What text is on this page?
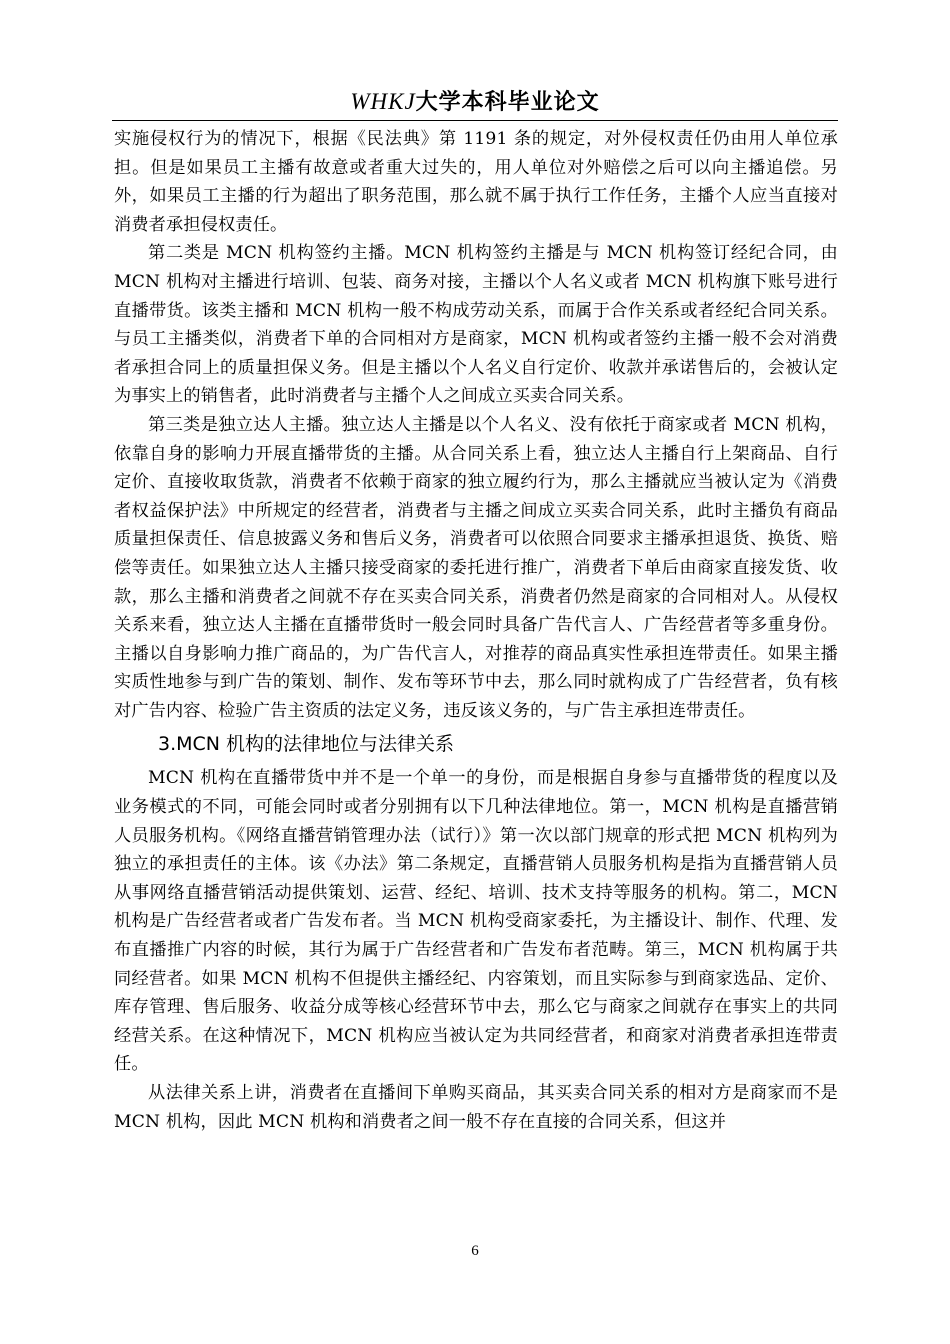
WHKJ大学本科毕业论文

实施侵权行为的情况下，根据《民法典》第 1191 条的规定，对外侵权责任仍由用人单位承担。但是如果员工主播有故意或者重大过失的，用人单位对外赔偿之后可以向主播追偿。另外，如果员工主播的行为超出了职务范围，那么就不属于执行工作任务，主播个人应当直接对消费者承担侵权责任。

第二类是 MCN 机构签约主播。MCN 机构签约主播是与 MCN 机构签订经纪合同，由 MCN 机构对主播进行培训、包装、商务对接，主播以个人名义或者 MCN 机构旗下账号进行直播带货。该类主播和 MCN 机构一般不构成劳动关系，而属于合作关系或者经纪合同关系。与员工主播类似，消费者下单的合同相对方是商家，MCN 机构或者签约主播一般不会对消费者承担合同上的质量担保义务。但是主播以个人名义自行定价、收款并承诺售后的，会被认定为事实上的销售者，此时消费者与主播个人之间成立买卖合同关系。

第三类是独立达人主播。独立达人主播是以个人名义、没有依托于商家或者 MCN 机构，依靠自身的影响力开展直播带货的主播。从合同关系上看，独立达人主播自行上架商品、自行定价、直接收取货款，消费者不依赖于商家的独立履约行为，那么主播就应当被认定为《消费者权益保护法》中所规定的经营者，消费者与主播之间成立买卖合同关系，此时主播负有商品质量担保责任、信息披露义务和售后义务，消费者可以依照合同要求主播承担退货、换货、赔偿等责任。如果独立达人主播只接受商家的委托进行推广，消费者下单后由商家直接发货、收款，那么主播和消费者之间就不存在买卖合同关系，消费者仍然是商家的合同相对人。从侵权关系来看，独立达人主播在直播带货时一般会同时具备广告代言人、广告经营者等多重身份。主播以自身影响力推广商品的，为广告代言人，对推荐的商品真实性承担连带责任。如果主播实质性地参与到广告的策划、制作、发布等环节中去，那么同时就构成了广告经营者，负有核对广告内容、检验广告主资质的法定义务，违反该义务的，与广告主承担连带责任。

3.MCN 机构的法律地位与法律关系

MCN 机构在直播带货中并不是一个单一的身份，而是根据自身参与直播带货的程度以及业务模式的不同，可能会同时或者分别拥有以下几种法律地位。第一，MCN 机构是直播营销人员服务机构。《网络直播营销管理办法（试行）》第一次以部门规章的形式把 MCN 机构列为独立的承担责任的主体。该《办法》第二条规定，直播营销人员服务机构是指为直播营销人员从事网络直播营销活动提供策划、运营、经纪、培训、技术支持等服务的机构。第二，MCN 机构是广告经营者或者广告发布者。当 MCN 机构受商家委托，为主播设计、制作、代理、发布直播推广内容的时候，其行为属于广告经营者和广告发布者范畴。第三，MCN 机构属于共同经营者。如果 MCN 机构不但提供主播经纪、内容策划，而且实际参与到商家选品、定价、库存管理、售后服务、收益分成等核心经营环节中去，那么它与商家之间就存在事实上的共同经营关系。在这种情况下，MCN 机构应当被认定为共同经营者，和商家对消费者承担连带责任。

从法律关系上讲，消费者在直播间下单购买商品，其买卖合同关系的相对方是商家而不是 MCN 机构，因此 MCN 机构和消费者之间一般不存在直接的合同关系，但这并

6
